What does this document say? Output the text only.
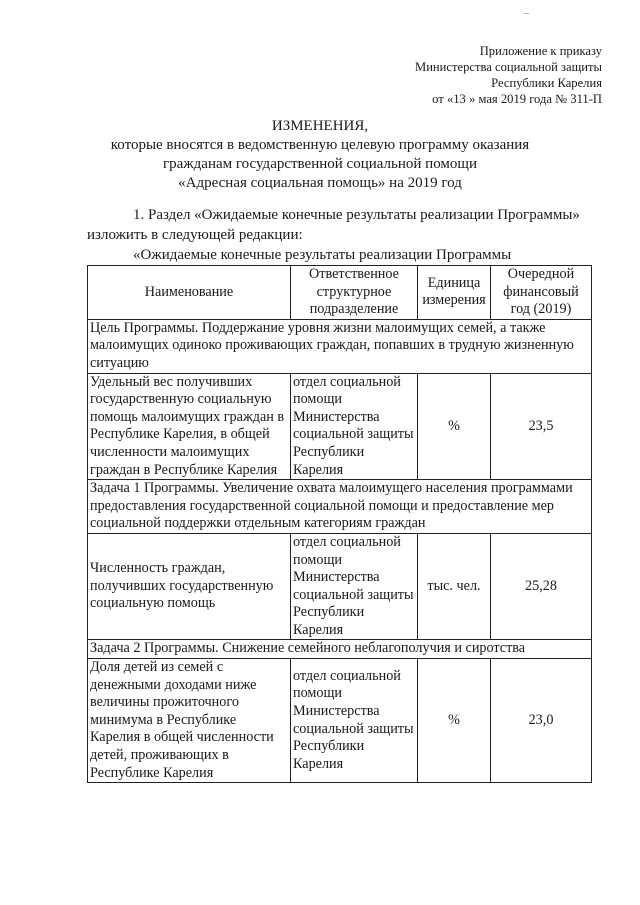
–
Приложение к приказу
Министерства социальной защиты
Республики Карелия
от «13 » мая 2019 года № 311-П
ИЗМЕНЕНИЯ,
которые вносятся в ведомственную целевую программу оказания
гражданам государственной социальной помощи
«Адресная социальная помощь» на 2019 год
1. Раздел «Ожидаемые конечные результаты реализации Программы»
изложить в следующей редакции:
«Ожидаемые конечные результаты реализации Программы
Наименование	Ответственное структурное подразделение	Единица измерения	Очередной финансовый год (2019)
Цель Программы. Поддержание уровня жизни малоимущих семей, а также малоимущих одиноко проживающих граждан, попавших в трудную жизненную ситуацию			
Удельный вес получивших государственную социальную помощь малоимущих граждан в Республике Карелия, в общей численности малоимущих граждан в Республике Карелия	отдел социальной помощи Министерства социальной защиты Республики Карелия	%	23,5
Задача 1 Программы. Увеличение охвата малоимущего населения программами предоставления государственной социальной помощи и предоставление мер социальной поддержки отдельным категориям граждан			
Численность граждан, получивших государственную социальную помощь	отдел социальной помощи Министерства социальной защиты Республики Карелия	тыс. чел.	25,28
Задача 2 Программы. Снижение семейного неблагополучия и сиротства			
Доля детей из семей с денежными доходами ниже величины прожиточного минимума в Республике Карелия в общей численности детей, проживающих в Республике Карелия	отдел социальной помощи Министерства социальной защиты Республики Карелия	%	23,0
